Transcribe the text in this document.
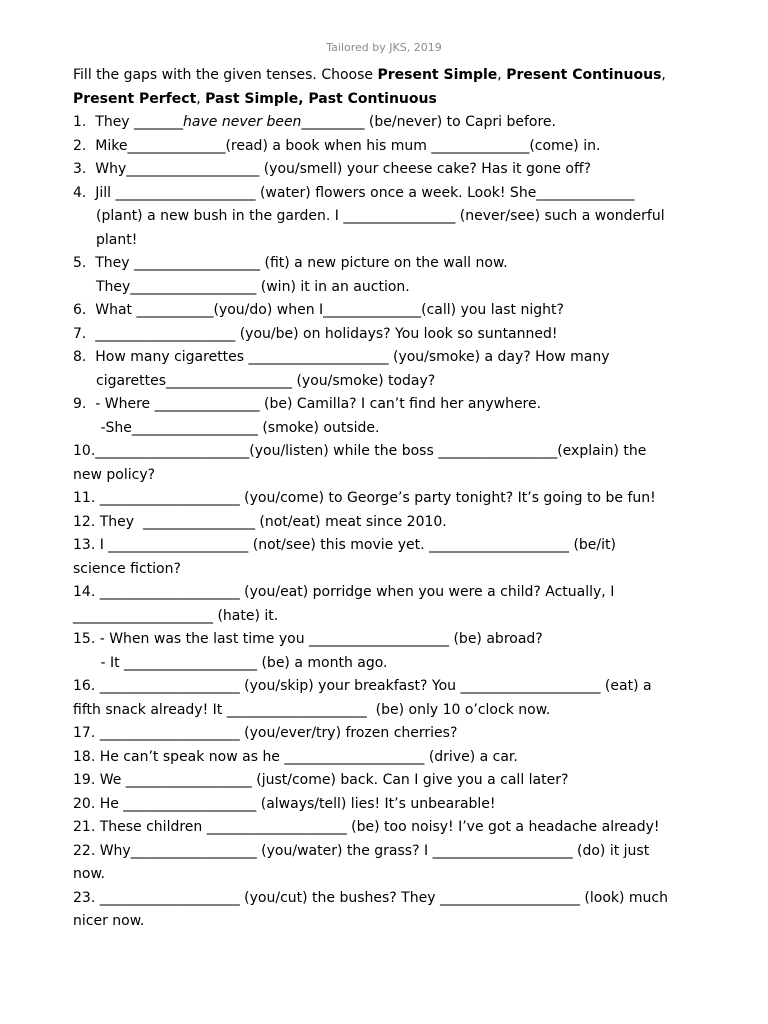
Tailored by JKS, 2019
Fill the gaps with the given tenses. Choose Present Simple, Present Continuous,
Present Perfect, Past Simple, Past Continuous
1. They _______have never been_________ (be/never) to Capri before.
2.  Mike______________(read) a book when his mum ______________(come) in.
3.  Why___________________ (you/smell) your cheese cake? Has it gone off?
4.  Jill ____________________ (water) flowers once a week. Look! She______________
(plant) a new bush in the garden. I ________________ (never/see) such a wonderful
plant!
5.  They __________________ (fit) a new picture on the wall now.
They__________________ (win) it in an auction.
6.  What ___________(you/do) when I______________(call) you last night?
7.  ____________________ (you/be) on holidays? You look so suntanned!
8.  How many cigarettes ____________________ (you/smoke) a day? How many
cigarettes__________________ (you/smoke) today?
9.  - Where _______________ (be) Camilla? I can’t find her anywhere.
-She__________________ (smoke) outside.
10.______________________(you/listen) while the boss _________________(explain) the
new policy?
11. ____________________ (you/come) to George’s party tonight? It’s going to be fun!
12. They  ________________ (not/eat) meat since 2010.
13. I ____________________ (not/see) this movie yet. ____________________ (be/it)
science fiction?
14. ____________________ (you/eat) porridge when you were a child? Actually, I
____________________ (hate) it.
15. - When was the last time you ____________________ (be) abroad?
- It ___________________ (be) a month ago.
16. ____________________ (you/skip) your breakfast? You ____________________ (eat) a
fifth snack already! It ____________________  (be) only 10 o’clock now.
17. ____________________ (you/ever/try) frozen cherries?
18. He can’t speak now as he ____________________ (drive) a car.
19. We __________________ (just/come) back. Can I give you a call later?
20. He ___________________ (always/tell) lies! It’s unbearable!
21. These children ____________________ (be) too noisy! I’ve got a headache already!
22. Why__________________ (you/water) the grass? I ____________________ (do) it just
now.
23. ____________________ (you/cut) the bushes? They ____________________ (look) much
nicer now.
